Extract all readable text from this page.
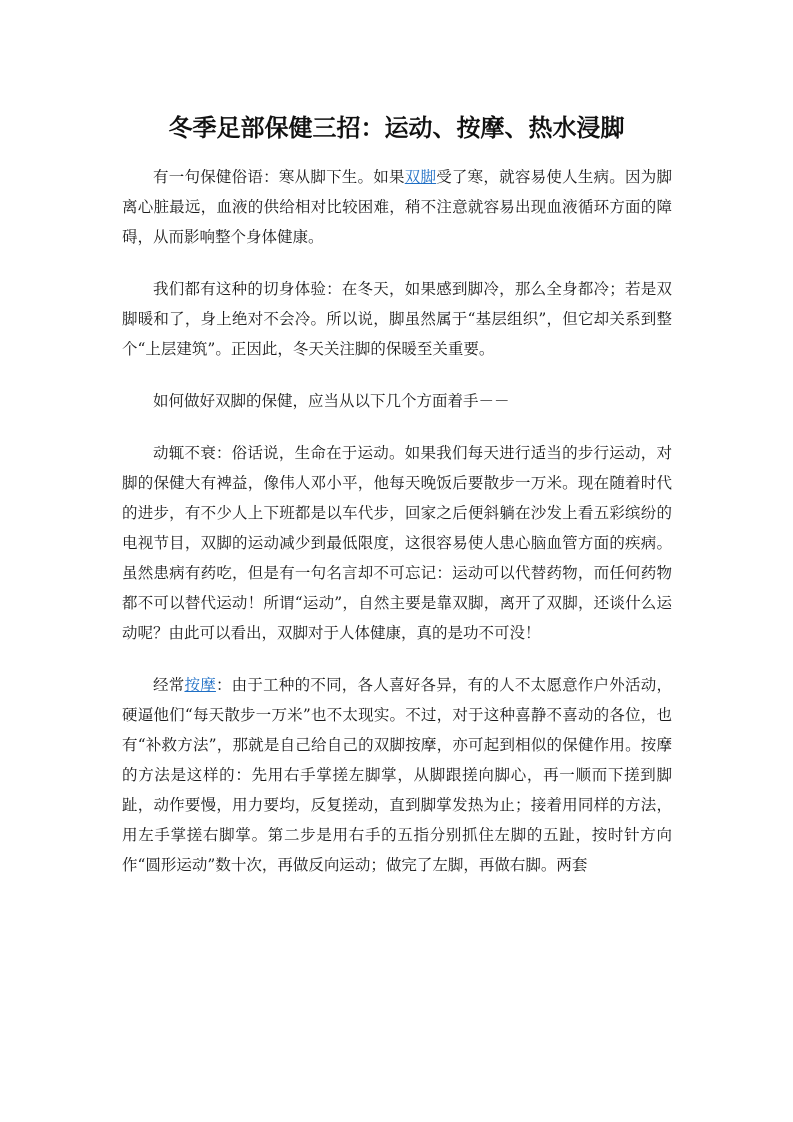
冬季足部保健三招：运动、按摩、热水浸脚

有一句保健俗语：寒从脚下生。如果双脚受了寒，就容易使人生病。因为脚离心脏最远，血液的供给相对比较困难，稍不注意就容易出现血液循环方面的障碍，从而影响整个身体健康。

我们都有这种的切身体验：在冬天，如果感到脚冷，那么全身都冷；若是双脚暖和了，身上绝对不会冷。所以说，脚虽然属于“基层组织”，但它却关系到整个“上层建筑”。正因此，冬天关注脚的保暖至关重要。

如何做好双脚的保健，应当从以下几个方面着手－－

动辄不衰：俗话说，生命在于运动。如果我们每天进行适当的步行运动，对脚的保健大有裨益，像伟人邓小平，他每天晚饭后要散步一万米。现在随着时代的进步，有不少人上下班都是以车代步，回家之后便斜躺在沙发上看五彩缤纷的电视节目，双脚的运动减少到最低限度，这很容易使人患心脑血管方面的疾病。虽然患病有药吃，但是有一句名言却不可忘记：运动可以代替药物，而任何药物都不可以替代运动！所谓“运动”，自然主要是靠双脚，离开了双脚，还谈什么运动呢？由此可以看出，双脚对于人体健康，真的是功不可没！

经常按摩：由于工种的不同，各人喜好各异，有的人不太愿意作户外活动，硬逼他们“每天散步一万米”也不太现实。不过，对于这种喜静不喜动的各位，也有“补救方法”，那就是自己给自己的双脚按摩，亦可起到相似的保健作用。按摩的方法是这样的：先用右手掌搓左脚掌，从脚跟搓向脚心，再一顺而下搓到脚趾，动作要慢，用力要均，反复搓动，直到脚掌发热为止；接着用同样的方法，用左手掌搓右脚掌。第二步是用右手的五指分别抓住左脚的五趾，按时针方向作“圆形运动”数十次，再做反向运动；做完了左脚，再做右脚。两套
